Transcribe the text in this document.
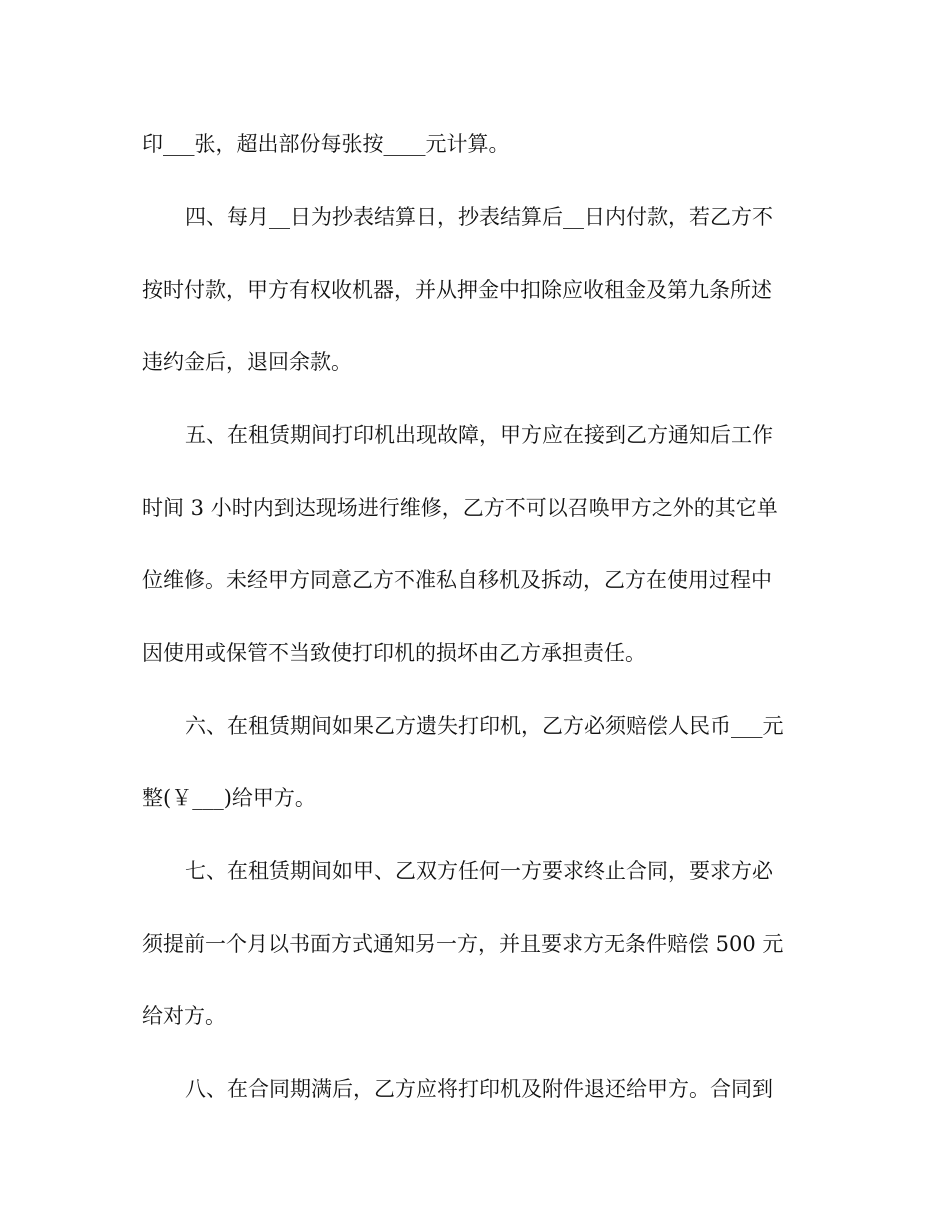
印___张，超出部份每张按____元计算。
四、每月__日为抄表结算日，抄表结算后__日内付款，若乙方不
按时付款，甲方有权收机器，并从押金中扣除应收租金及第九条所述
违约金后，退回余款。
五、在租赁期间打印机出现故障，甲方应在接到乙方通知后工作
时间 3 小时内到达现场进行维修，乙方不可以召唤甲方之外的其它单
位维修。未经甲方同意乙方不准私自移机及拆动，乙方在使用过程中
因使用或保管不当致使打印机的损坏由乙方承担责任。
六、在租赁期间如果乙方遗失打印机，乙方必须赔偿人民币___元
整(￥___)给甲方。
七、在租赁期间如甲、乙双方任何一方要求终止合同，要求方必
须提前一个月以书面方式通知另一方，并且要求方无条件赔偿 500 元
给对方。
八、在合同期满后，乙方应将打印机及附件退还给甲方。合同到
